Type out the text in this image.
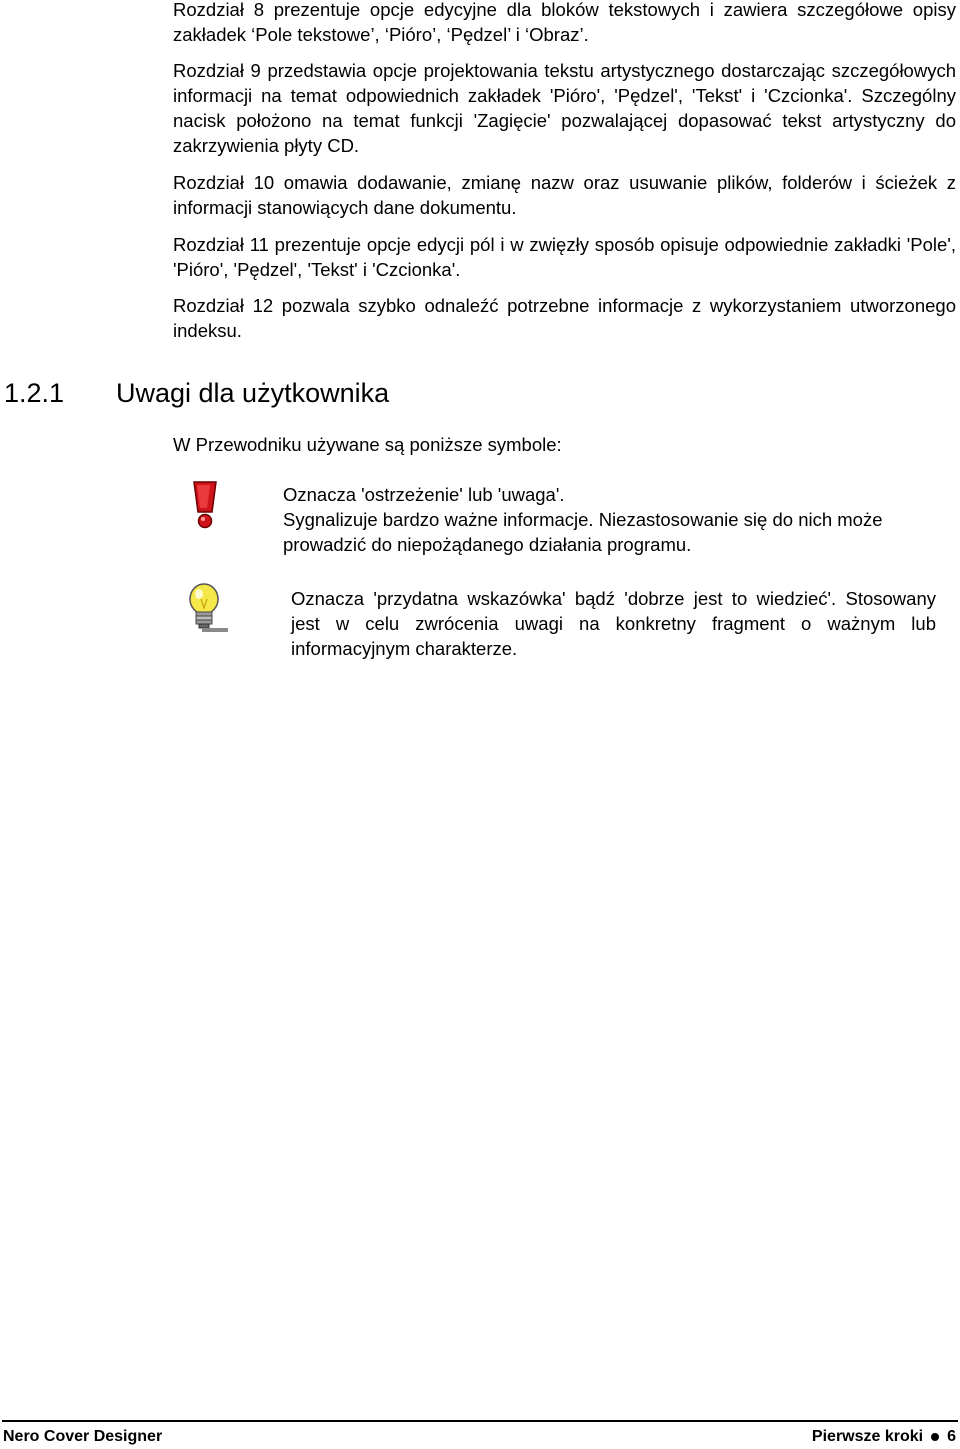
Rozdział 8 prezentuje opcje edycyjne dla bloków tekstowych i zawiera szczegółowe opisy zakładek ‘Pole tekstowe’, ‘Pióro’, ‘Pędzel’ i ‘Obraz’.

Rozdział 9 przedstawia opcje projektowania tekstu artystycznego dostarczając szczegółowych informacji na temat odpowiednich zakładek 'Pióro', 'Pędzel', 'Tekst' i 'Czcionka'. Szczególny nacisk położono na temat funkcji 'Zagięcie' pozwalającej dopasować tekst artystyczny do zakrzywienia płyty CD.

Rozdział 10 omawia dodawanie, zmianę nazw oraz usuwanie plików, folderów i ścieżek z informacji stanowiących dane dokumentu.

Rozdział 11 prezentuje opcje edycji pól i w zwięzły sposób opisuje odpowiednie zakładki 'Pole', 'Pióro', 'Pędzel', 'Tekst' i 'Czcionka'.

Rozdział 12 pozwala szybko odnaleźć potrzebne informacje z wykorzystaniem utworzonego indeksu.

1.2.1 Uwagi dla użytkownika

W Przewodniku używane są poniższe symbole:

Oznacza 'ostrzeżenie' lub 'uwaga'.
Sygnalizuje bardzo ważne informacje. Niezastosowanie się do nich może prowadzić do niepożądanego działania programu.

Oznacza 'przydatna wskazówka' bądź 'dobrze jest to wiedzieć'. Stosowany jest w celu zwrócenia uwagi na konkretny fragment o ważnym lub informacyjnym charakterze.

Nero Cover Designer	Pierwsze kroki 6
